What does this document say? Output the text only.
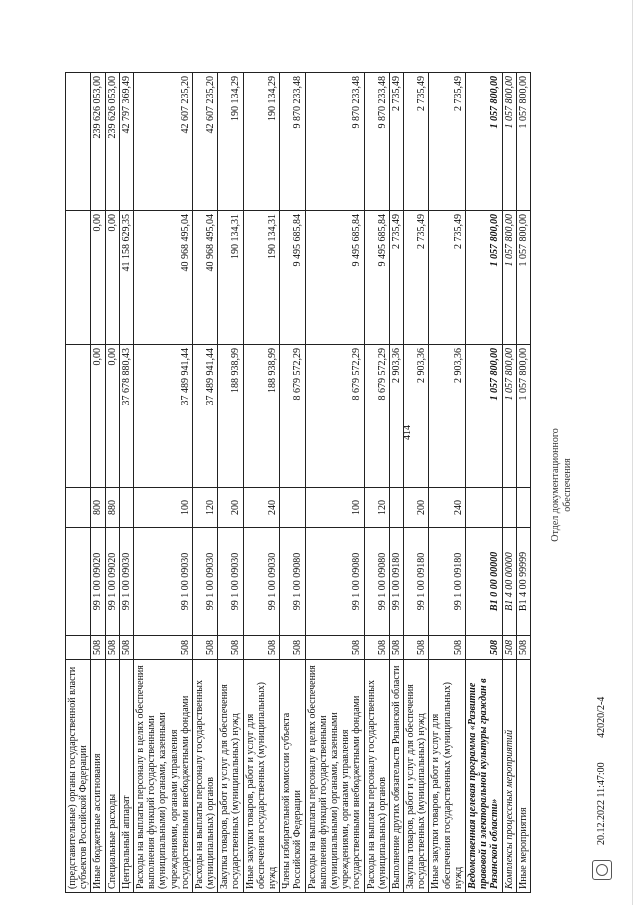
414
(представительные) органы государственной власти субъектов Российской Федерации						
Иные бюджетные ассигнования	508	99 1 00 09020	800	0,00	0,00	239 626 053,00
Специальные расходы	508	99 1 00 09020	880	0,00	0,00	239 626 053,00
Центральный аппарат	508	99 1 00 09030		37 678 880,43	41 158 629,35	42 797 369,49
Расходы на выплаты персоналу в целях обеспечения выполнения функций государственными (муниципальными) органами, казенными учреждениями, органами управления государственными внебюджетными фондами	508	99 1 00 09030	100	37 489 941,44	40 968 495,04	42 607 235,20
Расходы на выплаты персоналу государственных (муниципальных) органов	508	99 1 00 09030	120	37 489 941,44	40 968 495,04	42 607 235,20
Закупка товаров, работ и услуг для обеспечения государственных (муниципальных) нужд	508	99 1 00 09030	200	188 938,99	190 134,31	190 134,29
Иные закупки товаров, работ и услуг для обеспечения государственных (муниципальных) нужд	508	99 1 00 09030	240	188 938,99	190 134,31	190 134,29
Члены избирательной комиссии субъекта Российской Федерации	508	99 1 00 09080		8 679 572,29	9 495 685,84	9 870 233,48
Расходы на выплаты персоналу в целях обеспечения выполнения функций государственными (муниципальными) органами, казенными учреждениями, органами управления государственными внебюджетными фондами	508	99 1 00 09080	100	8 679 572,29	9 495 685,84	9 870 233,48
Расходы на выплаты персоналу государственных (муниципальных) органов	508	99 1 00 09080	120	8 679 572,29	9 495 685,84	9 870 233,48
Выполнение других обязательств Рязанской области	508	99 1 00 09180		2 903,36	2 735,49	2 735,49
Закупка товаров, работ и услуг для обеспечения государственных (муниципальных) нужд	508	99 1 00 09180	200	2 903,36	2 735,49	2 735,49
Иные закупки товаров, работ и услуг для обеспечения государственных (муниципальных) нужд	508	99 1 00 09180	240	2 903,36	2 735,49	2 735,49
Ведомственная целевая программа «Развитие правовой и электоральной культуры граждан в Рязанской области»	508	B1 0 00 00000		1 057 800,00	1 057 800,00	1 057 800,00
Комплексы процессных мероприятий	508	B1 4 00 00000		1 057 800,00	1 057 800,00	1 057 800,00
Иные мероприятия	508	B1 4 00 99999		1 057 800,00	1 057 800,00	1 057 800,00
20.12.2022 11:47:00 42020/2-4
Отдел документационного обеспечения
